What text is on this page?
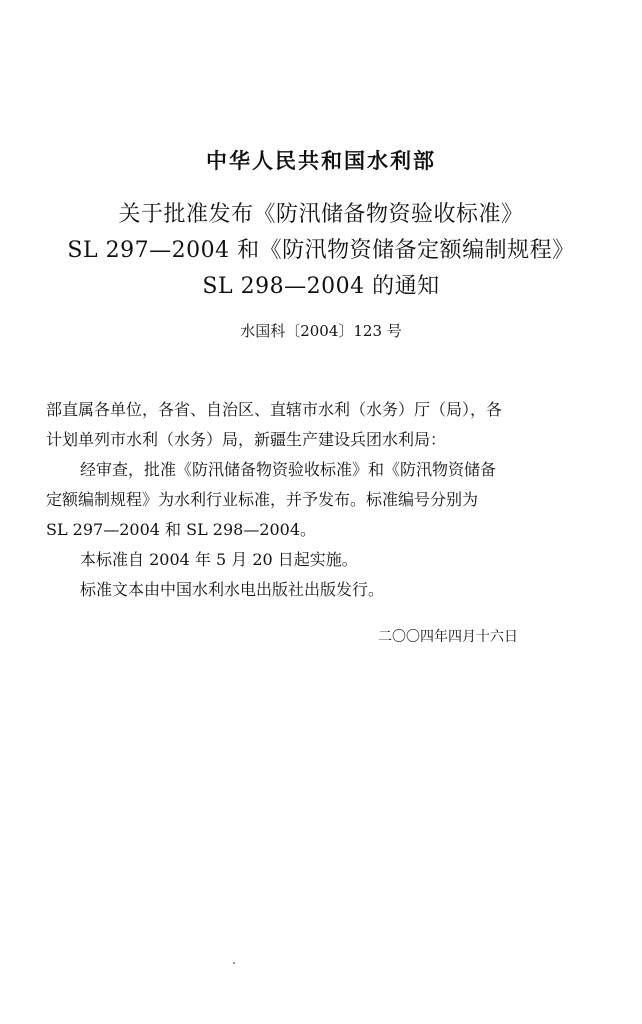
中华人民共和国水利部
关于批准发布《防汛储备物资验收标准》
SL 297—2004 和《防汛物资储备定额编制规程》
SL 298—2004 的通知
水国科〔2004〕123 号
部直属各单位，各省、自治区、直辖市水利（水务）厅（局），各
计划单列市水利（水务）局，新疆生产建设兵团水利局：
经审查，批准《防汛储备物资验收标准》和《防汛物资储备
定额编制规程》为水利行业标准，并予发布。标准编号分别为
SL 297—2004 和 SL 298—2004。
本标准自 2004 年 5 月 20 日起实施。
标准文本由中国水利水电出版社出版发行。
二〇〇四年四月十六日
